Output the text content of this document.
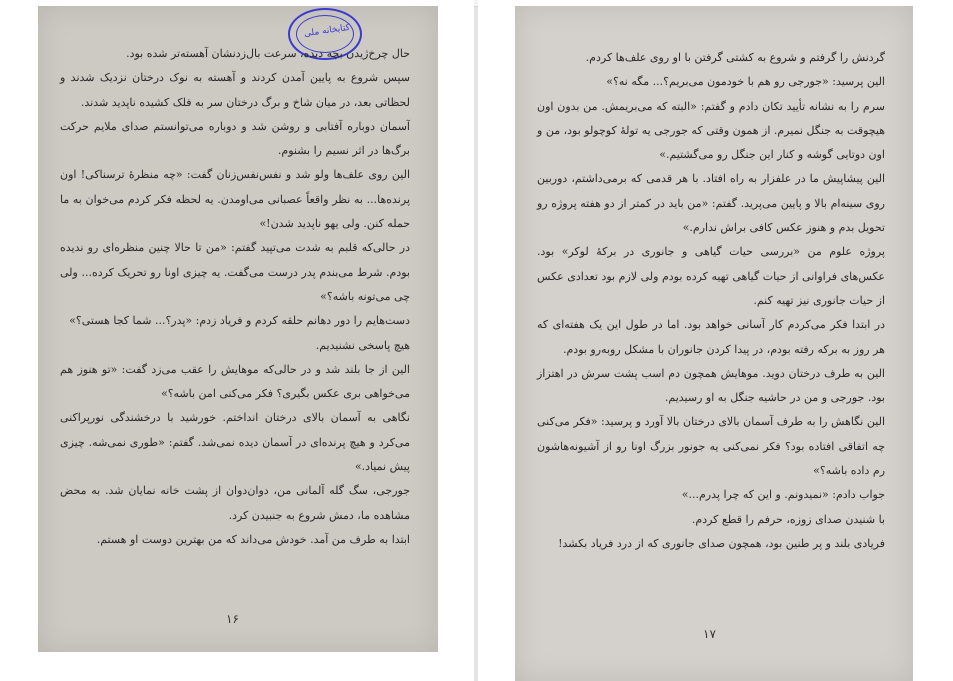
کتابخانه ملی

حال چرخ‌ژیدن بچه دیده، سرعت بال‌زدنشان آهسته‌تر شده بود.

سپس شروع به پایین آمدن کردند و آهسته به نوک درختان نزدیک شدند و لحظاتی بعد، در میان شاخ و برگ درختان سر به فلک کشیده ناپدید شدند.

آسمان دوباره آفتابی و روشن شد و دوباره می‌توانستم صدای ملایم حرکت برگ‌ها در اثر نسیم را بشنوم.

الین روی علف‌ها ولو شد و نفس‌نفس‌زنان گفت: «چه منظرهٔ ترسناکی! اون پرنده‌ها... به نظر واقعاً عصبانی می‌اومدن. یه لحظه فکر کردم می‌خوان به ما حمله کنن. ولی یهو ناپدید شدن!»

در حالی‌که قلبم به شدت می‌تپید گفتم: «من تا حالا چنین منظره‌ای رو ندیده بودم. شرط می‌بندم پدر درست می‌گفت. یه چیزی اونا رو تحریک کرده... ولی چی می‌تونه باشه؟»

دست‌هایم را دور دهانم حلقه کردم و فریاد زدم: «پدر؟... شما کجا هستی؟»

هیچ پاسخی نشنیدیم.

الین از جا بلند شد و در حالی‌که موهایش را عقب می‌زد گفت: «تو هنوز هم می‌خواهی بری عکس بگیری؟ فکر می‌کنی امن باشه؟»

نگاهی به آسمان بالای درختان انداختم. خورشید با درخشندگی نورپراکنی می‌کرد و هیچ پرنده‌ای در آسمان دیده نمی‌شد. گفتم: «طوری نمی‌شه. چیزی پیش نمیاد.»

جورجی، سگ گله آلمانی من، دوان‌دوان از پشت خانه نمایان شد. به محض مشاهده ما، دمش شروع به جنبیدن کرد.

ابتدا به طرف من آمد. خودش می‌داند که من بهترین دوست او هستم.

۱۶

گردنش را گرفتم و شروع به کشتی گرفتن با او روی علف‌ها کردم.

الین پرسید: «جورجی رو هم با خودمون می‌بریم؟... مگه نه؟»

سرم را به نشانه تأیید تکان دادم و گفتم: «البته که می‌بریمش. من بدون اون هیچوقت به جنگل نمیرم. از همون وقتی که جورجی یه تولهٔ کوچولو بود، من و اون دوتایی گوشه و کنار این جنگل رو می‌گشتیم.»

الین پیشاپیش ما در علفزار به راه افتاد. با هر قدمی که برمی‌داشتم، دوربین روی سینه‌ام بالا و پایین می‌پرید. گفتم: «من باید در کمتر از دو هفته پروژه رو تحویل بدم و هنوز عکس کافی براش ندارم.»

پروژه علوم من «بررسی حیات گیاهی و جانوری در برکهٔ لوکر» بود. عکس‌های فراوانی از حیات گیاهی تهیه کرده بودم ولی لازم بود تعدادی عکس از حیات جانوری نیز تهیه کنم.

در ابتدا فکر می‌کردم کار آسانی خواهد بود. اما در طول این یک هفته‌ای که هر روز به برکه رفته بودم، در پیدا کردن جانوران با مشکل روبه‌رو بودم.

الین به طرف درختان دوید. موهایش همچون دم اسب پشت سرش در اهتزاز بود. جورجی و من در حاشیه جنگل به او رسیدیم.

الین نگاهش را به طرف آسمان بالای درختان بالا آورد و پرسید: «فکر می‌کنی چه اتفاقی افتاده بود؟ فکر نمی‌کنی یه جونور بزرگ اونا رو از آشیونه‌هاشون رم داده باشه؟»

جواب دادم: «نمیدونم. و این که چرا پدرم...»

با شنیدن صدای زوزه، حرفم را قطع کردم.

فریادی بلند و پر طنین بود، همچون صدای جانوری که از درد فریاد بکشد!

۱۷
